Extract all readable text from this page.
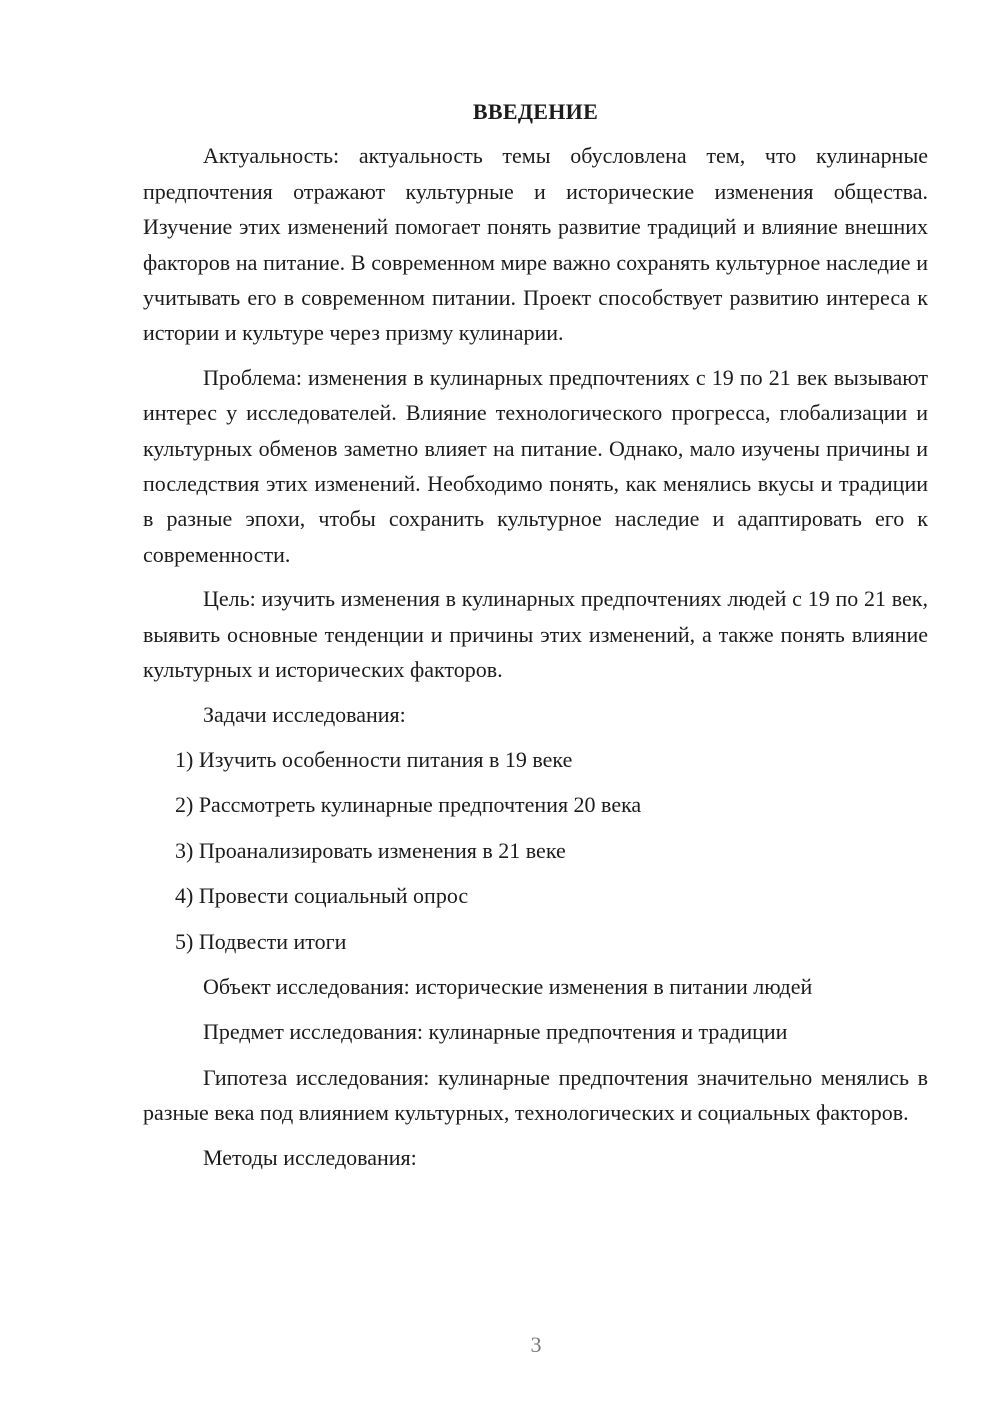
ВВЕДЕНИЕ

Актуальность: актуальность темы обусловлена тем, что кулинарные предпочтения отражают культурные и исторические изменения общества. Изучение этих изменений помогает понять развитие традиций и влияние внешних факторов на питание. В современном мире важно сохранять культурное наследие и учитывать его в современном питании. Проект способствует развитию интереса к истории и культуре через призму кулинарии.

Проблема: изменения в кулинарных предпочтениях с 19 по 21 век вызывают интерес у исследователей. Влияние технологического прогресса, глобализации и культурных обменов заметно влияет на питание. Однако, мало изучены причины и последствия этих изменений. Необходимо понять, как менялись вкусы и традиции в разные эпохи, чтобы сохранить культурное наследие и адаптировать его к современности.

Цель: изучить изменения в кулинарных предпочтениях людей с 19 по 21 век, выявить основные тенденции и причины этих изменений, а также понять влияние культурных и исторических факторов.

Задачи исследования:
1) Изучить особенности питания в 19 веке
2) Рассмотреть кулинарные предпочтения 20 века
3) Проанализировать изменения в 21 веке
4) Провести социальный опрос
5) Подвести итоги
Объект исследования: исторические изменения в питании людей
Предмет исследования: кулинарные предпочтения и традиции

Гипотеза исследования: кулинарные предпочтения значительно менялись в разные века под влиянием культурных, технологических и социальных факторов.

Методы исследования:
3
